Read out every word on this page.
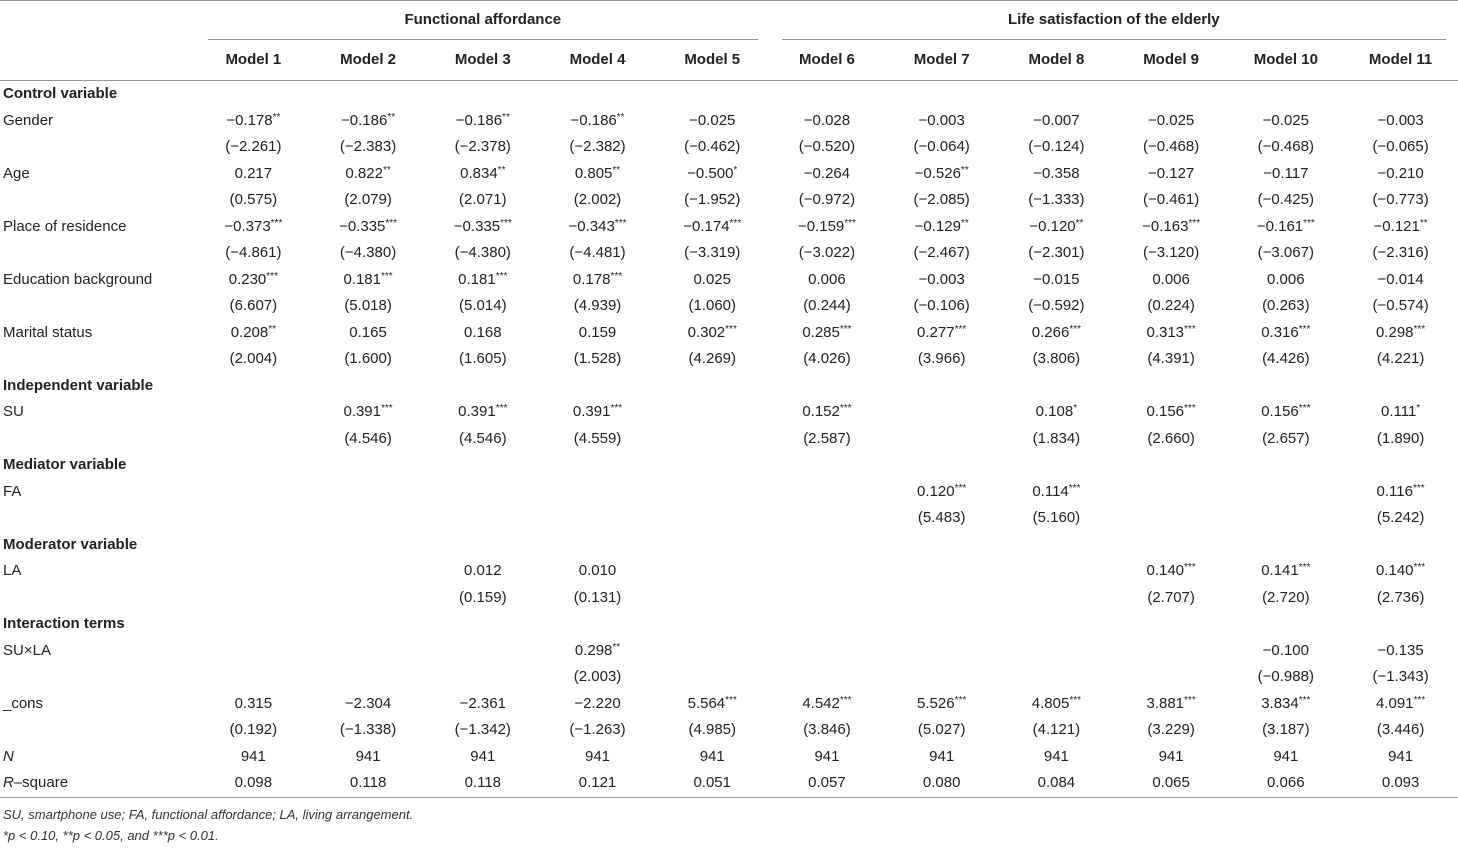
	Functional affordance					Life satisfaction of the elderly					

	Model 1	Model 2	Model 3	Model 4	Model 5	Model 6	Model 7	Model 8	Model 9	Model 10	Model 11
Control variable											
Gender	−0.178**	−0.186**	−0.186**	−0.186**	−0.025	−0.028	−0.003	−0.007	−0.025	−0.025	−0.003
	(−2.261)	(−2.383)	(−2.378)	(−2.382)	(−0.462)	(−0.520)	(−0.064)	(−0.124)	(−0.468)	(−0.468)	(−0.065)
Age	0.217	0.822**	0.834**	0.805**	−0.500*	−0.264	−0.526**	−0.358	−0.127	−0.117	−0.210
	(0.575)	(2.079)	(2.071)	(2.002)	(−1.952)	(−0.972)	(−2.085)	(−1.333)	(−0.461)	(−0.425)	(−0.773)
Place of residence	−0.373***	−0.335***	−0.335***	−0.343***	−0.174***	−0.159***	−0.129**	−0.120**	−0.163***	−0.161***	−0.121**
	(−4.861)	(−4.380)	(−4.380)	(−4.481)	(−3.319)	(−3.022)	(−2.467)	(−2.301)	(−3.120)	(−3.067)	(−2.316)
Education background	0.230***	0.181***	0.181***	0.178***	0.025	0.006	−0.003	−0.015	0.006	0.006	−0.014
	(6.607)	(5.018)	(5.014)	(4.939)	(1.060)	(0.244)	(−0.106)	(−0.592)	(0.224)	(0.263)	(−0.574)
Marital status	0.208**	0.165	0.168	0.159	0.302***	0.285***	0.277***	0.266***	0.313***	0.316***	0.298***
	(2.004)	(1.600)	(1.605)	(1.528)	(4.269)	(4.026)	(3.966)	(3.806)	(4.391)	(4.426)	(4.221)
Independent variable											
SU		0.391***	0.391***	0.391***		0.152***		0.108*	0.156***	0.156***	0.111*
		(4.546)	(4.546)	(4.559)		(2.587)		(1.834)	(2.660)	(2.657)	(1.890)
Mediator variable											
FA							0.120***	0.114***			0.116***
							(5.483)	(5.160)			(5.242)
Moderator variable											
LA			0.012	0.010					0.140***	0.141***	0.140***
			(0.159)	(0.131)					(2.707)	(2.720)	(2.736)
Interaction terms											
SU×LA				0.298**						−0.100	−0.135
				(2.003)						(−0.988)	(−1.343)
_cons	0.315	−2.304	−2.361	−2.220	5.564***	4.542***	5.526***	4.805***	3.881***	3.834***	4.091***
	(0.192)	(−1.338)	(−1.342)	(−1.263)	(4.985)	(3.846)	(5.027)	(4.121)	(3.229)	(3.187)	(3.446)
N	941	941	941	941	941	941	941	941	941	941	941
R–square	0.098	0.118	0.118	0.121	0.051	0.057	0.080	0.084	0.065	0.066	0.093
SU, smartphone use; FA, functional affordance; LA, living arrangement.
*p < 0.10, **p < 0.05, and ***p < 0.01.
